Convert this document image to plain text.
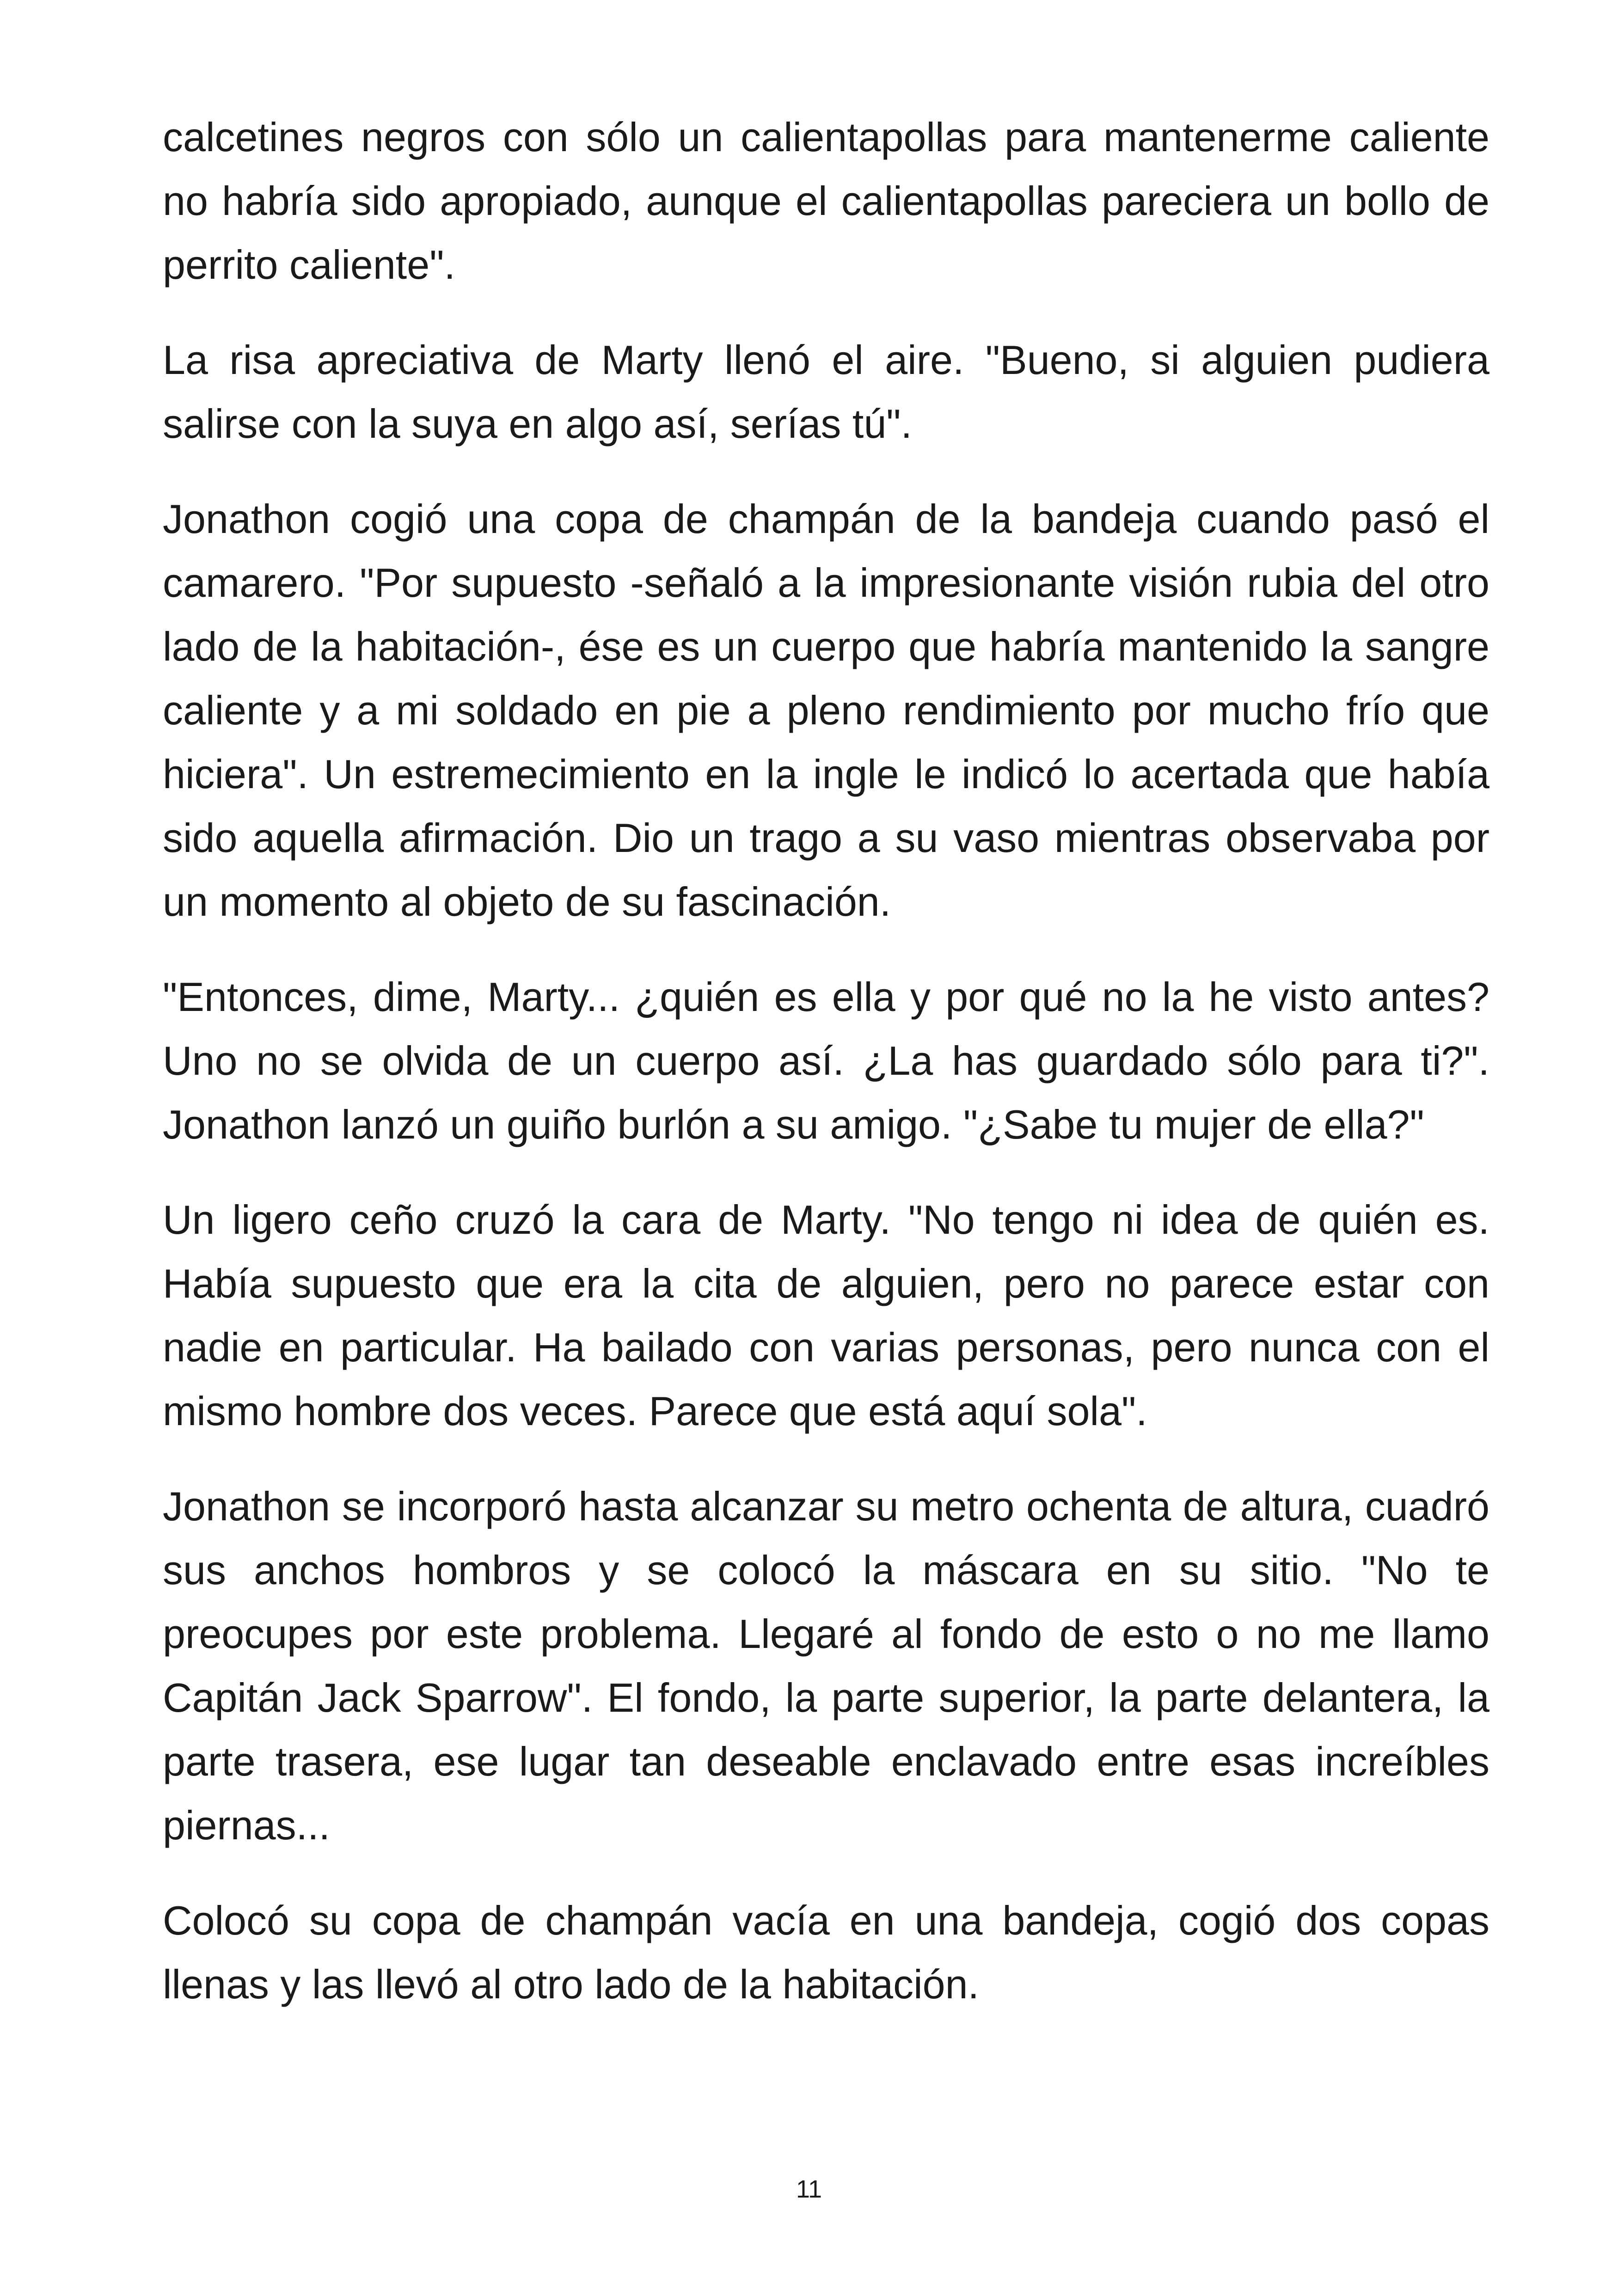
calcetines negros con sólo un calientapollas para mantenerme caliente no habría sido apropiado, aunque el calientapollas pareciera un bollo de perrito caliente".

La risa apreciativa de Marty llenó el aire. "Bueno, si alguien pudiera salirse con la suya en algo así, serías tú".

Jonathon cogió una copa de champán de la bandeja cuando pasó el camarero. "Por supuesto -señaló a la impresionante visión rubia del otro lado de la habitación-, ése es un cuerpo que habría mantenido la sangre caliente y a mi soldado en pie a pleno rendimiento por mucho frío que hiciera". Un estremecimiento en la ingle le indicó lo acertada que había sido aquella afirmación. Dio un trago a su vaso mientras observaba por un momento al objeto de su fascinación.

"Entonces, dime, Marty... ¿quién es ella y por qué no la he visto antes? Uno no se olvida de un cuerpo así. ¿La has guardado sólo para ti?". Jonathon lanzó un guiño burlón a su amigo. "¿Sabe tu mujer de ella?"

Un ligero ceño cruzó la cara de Marty. "No tengo ni idea de quién es. Había supuesto que era la cita de alguien, pero no parece estar con nadie en particular. Ha bailado con varias personas, pero nunca con el mismo hombre dos veces. Parece que está aquí sola".

Jonathon se incorporó hasta alcanzar su metro ochenta de altura, cuadró sus anchos hombros y se colocó la máscara en su sitio. "No te preocupes por este problema. Llegaré al fondo de esto o no me llamo Capitán Jack Sparrow". El fondo, la parte superior, la parte delantera, la parte trasera, ese lugar tan deseable enclavado entre esas increíbles piernas...

Colocó su copa de champán vacía en una bandeja, cogió dos copas llenas y las llevó al otro lado de la habitación.

11
